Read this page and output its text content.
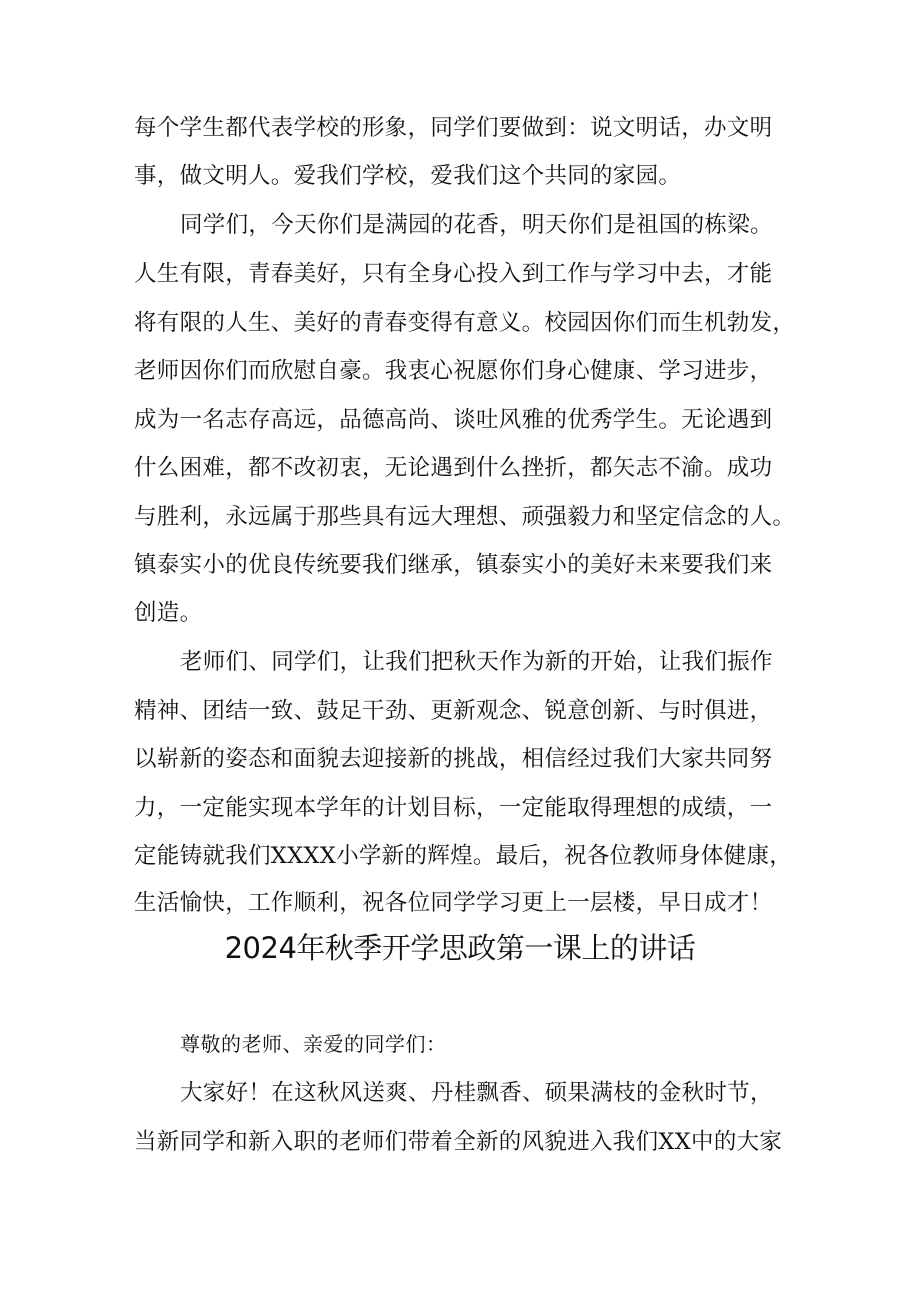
每个学生都代表学校的形象，同学们要做到：说文明话，办文明
事，做文明人。爱我们学校，爱我们这个共同的家园。
同学们，今天你们是满园的花香，明天你们是祖国的栋梁。
人生有限，青春美好，只有全身心投入到工作与学习中去，才能
将有限的人生、美好的青春变得有意义。校园因你们而生机勃发，
老师因你们而欣慰自豪。我衷心祝愿你们身心健康、学习进步，
成为一名志存高远，品德高尚、谈吐风雅的优秀学生。无论遇到
什么困难，都不改初衷，无论遇到什么挫折，都矢志不渝。成功
与胜利，永远属于那些具有远大理想、顽强毅力和坚定信念的人。
镇泰实小的优良传统要我们继承，镇泰实小的美好未来要我们来
创造。
老师们、同学们，让我们把秋天作为新的开始，让我们振作
精神、团结一致、鼓足干劲、更新观念、锐意创新、与时俱进，
以崭新的姿态和面貌去迎接新的挑战，相信经过我们大家共同努
力，一定能实现本学年的计划目标，一定能取得理想的成绩，一
定能铸就我们XXXX小学新的辉煌。最后，祝各位教师身体健康，
生活愉快，工作顺利，祝各位同学学习更上一层楼，早日成才！
2024年秋季开学思政第一课上的讲话
尊敬的老师、亲爱的同学们：
大家好！在这秋风送爽、丹桂飘香、硕果满枝的金秋时节，
当新同学和新入职的老师们带着全新的风貌进入我们XX中的大家
